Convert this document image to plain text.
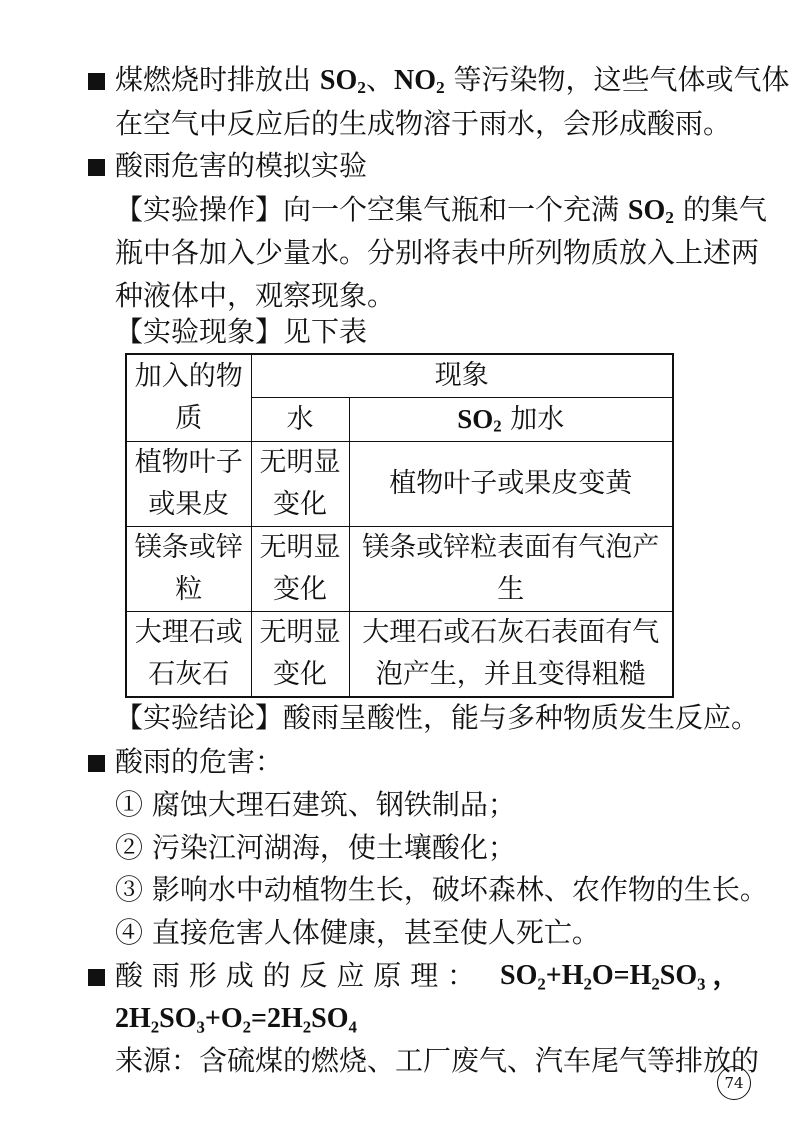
煤燃烧时排放出 $SO_2$、$NO_2$ 等污染物，这些气体或气体
在空气中反应后的生成物溶于雨水，会形成酸雨。
酸雨危害的模拟实验
【实验操作】向一个空集气瓶和一个充满 $SO_2$ 的集气
瓶中各加入少量水。分别将表中所列物质放入上述两
种液体中，观察现象。
【实验现象】见下表
加入的物质	现象	
	水	$SO_2$ 加水
植物叶子或果皮	无明显变化	植物叶子或果皮变黄
镁条或锌粒	无明显变化	镁条或锌粒表面有气泡产生
大理石或石灰石	无明显变化	大理石或石灰石表面有气泡产生，并且变得粗糙
【实验结论】酸雨呈酸性，能与多种物质发生反应。
酸雨的危害：
① 腐蚀大理石建筑、钢铁制品；
② 污染江河湖海，使土壤酸化；
③ 影响水中动植物生长，破坏森林、农作物的生长。
④ 直接危害人体健康，甚至使人死亡。
酸 雨 形 成 的 反 应 原 理 ： SO₂+H₂O=H₂SO₃ ，
2H₂SO₃+O₂=2H₂SO₄
来源：含硫煤的燃烧、工厂废气、汽车尾气等排放的
74
